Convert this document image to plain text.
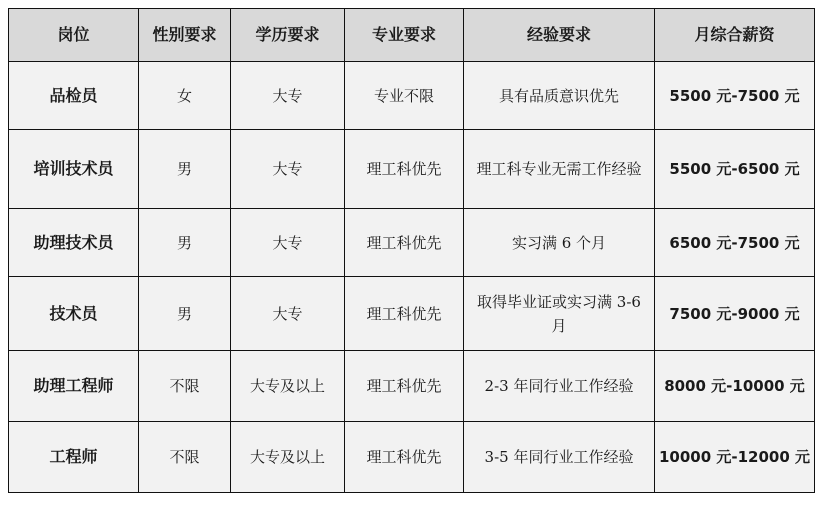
岗位	性别要求	学历要求	专业要求	经验要求	月综合薪资
品检员	女	大专	专业不限	具有品质意识优先	5500 元-7500 元
培训技术员	男	大专	理工科优先	理工科专业无需工作经验	5500 元-6500 元
助理技术员	男	大专	理工科优先	实习满 6 个月	6500 元-7500 元
技术员	男	大专	理工科优先	取得毕业证或实习满 3-6 月	7500 元-9000 元
助理工程师	不限	大专及以上	理工科优先	2-3 年同行业工作经验	8000 元-10000 元
工程师	不限	大专及以上	理工科优先	3-5 年同行业工作经验	10000 元-12000 元
